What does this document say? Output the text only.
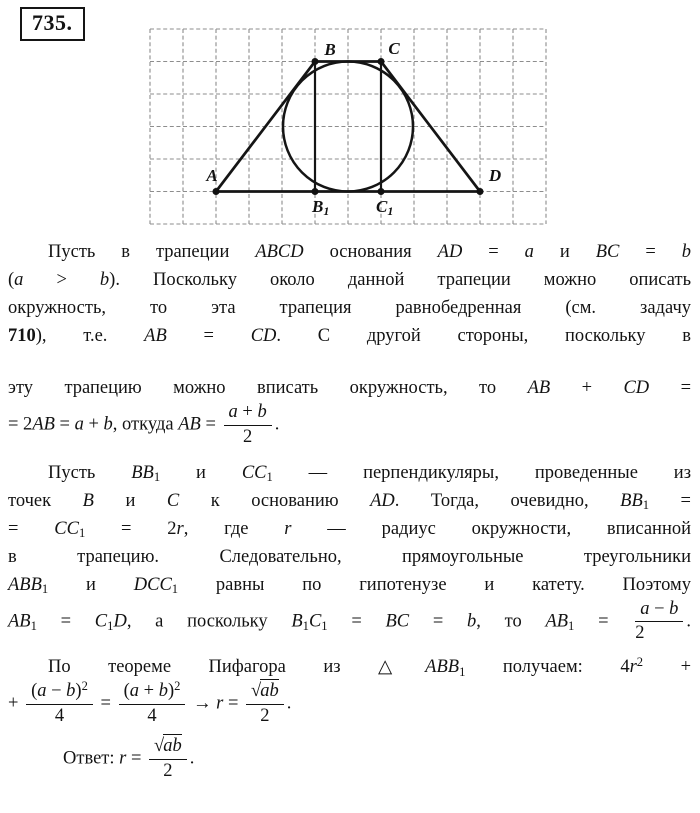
735.
A
B	C
D
B1	C1
Пусть в трапеции ABCD основания AD = a и BC = b
(a > b). Поскольку около данной трапеции можно описать
окружность, то эта трапеция равнобедренная (см. задачу
710), т.е. AB = CD. С другой стороны, поскольку в
эту трапецию можно вписать окружность, то AB + CD =
= 2AB = a + b, откуда AB = $\frac{a + b}{2}$ .
Пусть $BB_1$ и $CC_1$ — перпендикуляры, проведенные из
точек B и C к основанию AD. Тогда, очевидно, $BB_1$ =
= $CC_1 = 2r$, где r — радиус окружности, вписанной
в трапецию. Следовательно, прямоугольные треугольники
$ABB_1$ и $DCC_1$ равны по гипотенузе и катету. Поэтому
$AB_1 = C_1D$, а поскольку $B_1C_1$ = BC = b, то $AB_1 = \frac{a - b}{2}$ .
По теореме Пифагора из $\triangle ABB_1$ получаем: $4r^2$ +
+ $\frac{(a - b)^2}{4} = \frac{(a + b)^2}{4} \to r = \frac{√ab}{2}$ .
Ответ: $r = \frac{√ab}{2}$ .
